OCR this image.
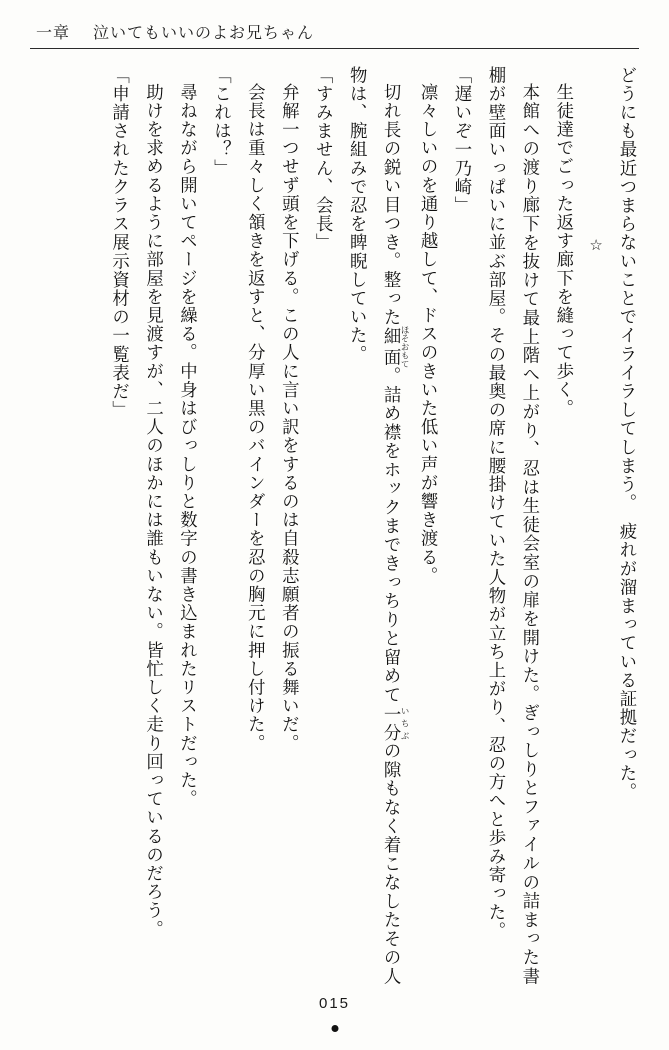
一章 泣いてもいいのよお兄ちゃん

どうにも最近つまらないことでイライラしてしまう。　疲れが溜まっている証拠だった。

☆

生徒達でごった返す廊下を縫って歩く。

本館への渡り廊下を抜けて最上階へ上がり、忍は生徒会室の扉を開けた。ぎっしりとファイルの詰まった書棚が壁面いっぱいに並ぶ部屋。その最奥の席に腰掛けていた人物が立ち上がり、忍の方へと歩み寄った。

「遅いぞ一乃崎」

凛々しいのを通り越して、ドスのきいた低い声が響き渡る。

切れ長の鋭い目つき。整った細面 ほそおもて。詰め襟をホックまできっちりと留めて一分 いちぶの隙もなく着こなしたその人物は、腕組みで忍を睥睨していた。

「すみません、会長」

弁解一つせず頭を下げる。この人に言い訳をするのは自殺志願者の振る舞いだ。

会長は重々しく頷きを返すと、分厚い黒のバインダーを忍の胸元に押し付けた。

「これは？」

尋ねながら開いてページを繰る。中身はびっしりと数字の書き込まれたリストだった。

助けを求めるように部屋を見渡すが、二人のほかには誰もいない。皆忙しく走り回っているのだろう。

「申請されたクラス展示資材の一覧表だ」

015
